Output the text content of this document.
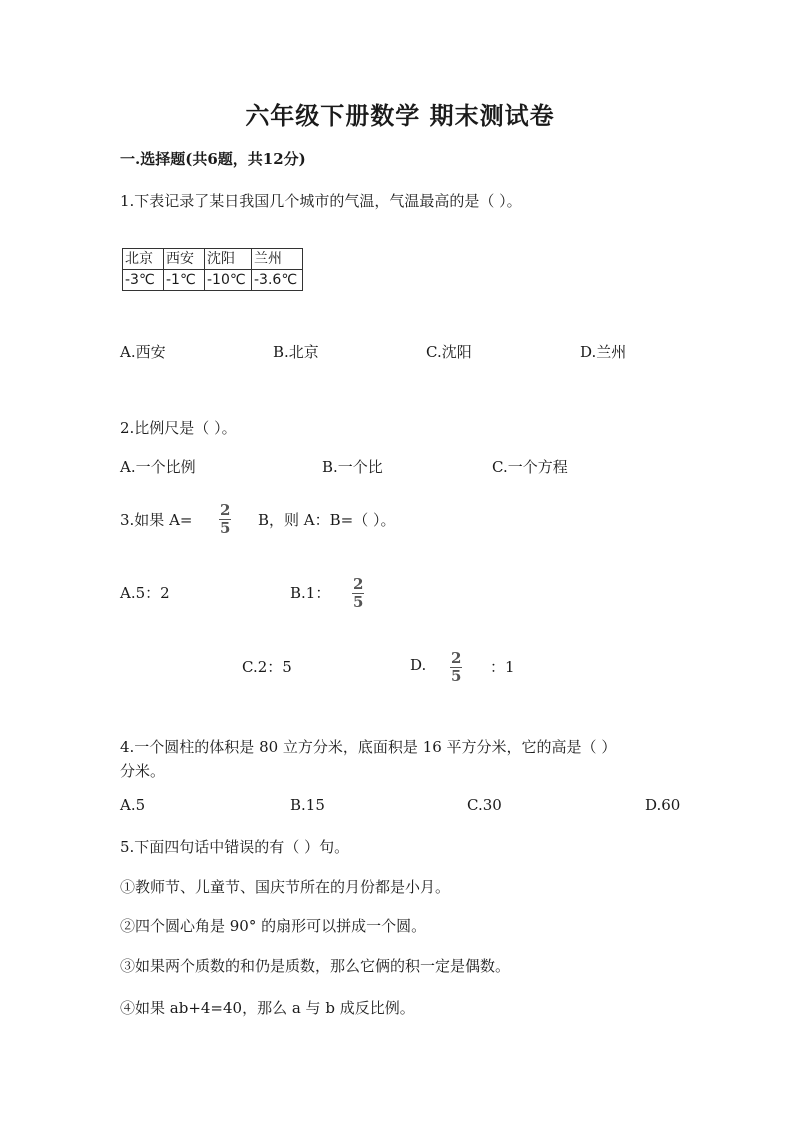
六年级下册数学 期末测试卷
一.选择题(共6题，共12分)
1.下表记录了某日我国几个城市的气温，气温最高的是（ ）。
北京	西安	沈阳	兰州
-3℃	-1℃	-10℃	-3.6℃
A.西安	B.北京	C.沈阳	D.兰州
2.比例尺是（ ）。
A.一个比例	B.一个比	C.一个方程
3.如果 $A= \frac{2}{5}$ B，则 A：B=（ ）。
A.5：2	B.1： $\frac{2}{5}$
C.2：5	D. $\frac{2}{5}$ ：1
4.一个圆柱的体积是 80 立方分米，底面积是 16 平方分米，它的高是（ ）
分米。
A.5	B.15	C.30	D.60
5.下面四句话中错误的有（ ）句。
①教师节、儿童节、国庆节所在的月份都是小月。
②四个圆心角是 90° 的扇形可以拼成一个圆。
③如果两个质数的和仍是质数，那么它俩的积一定是偶数。
④如果 ab+4=40，那么 a 与 b 成反比例。
